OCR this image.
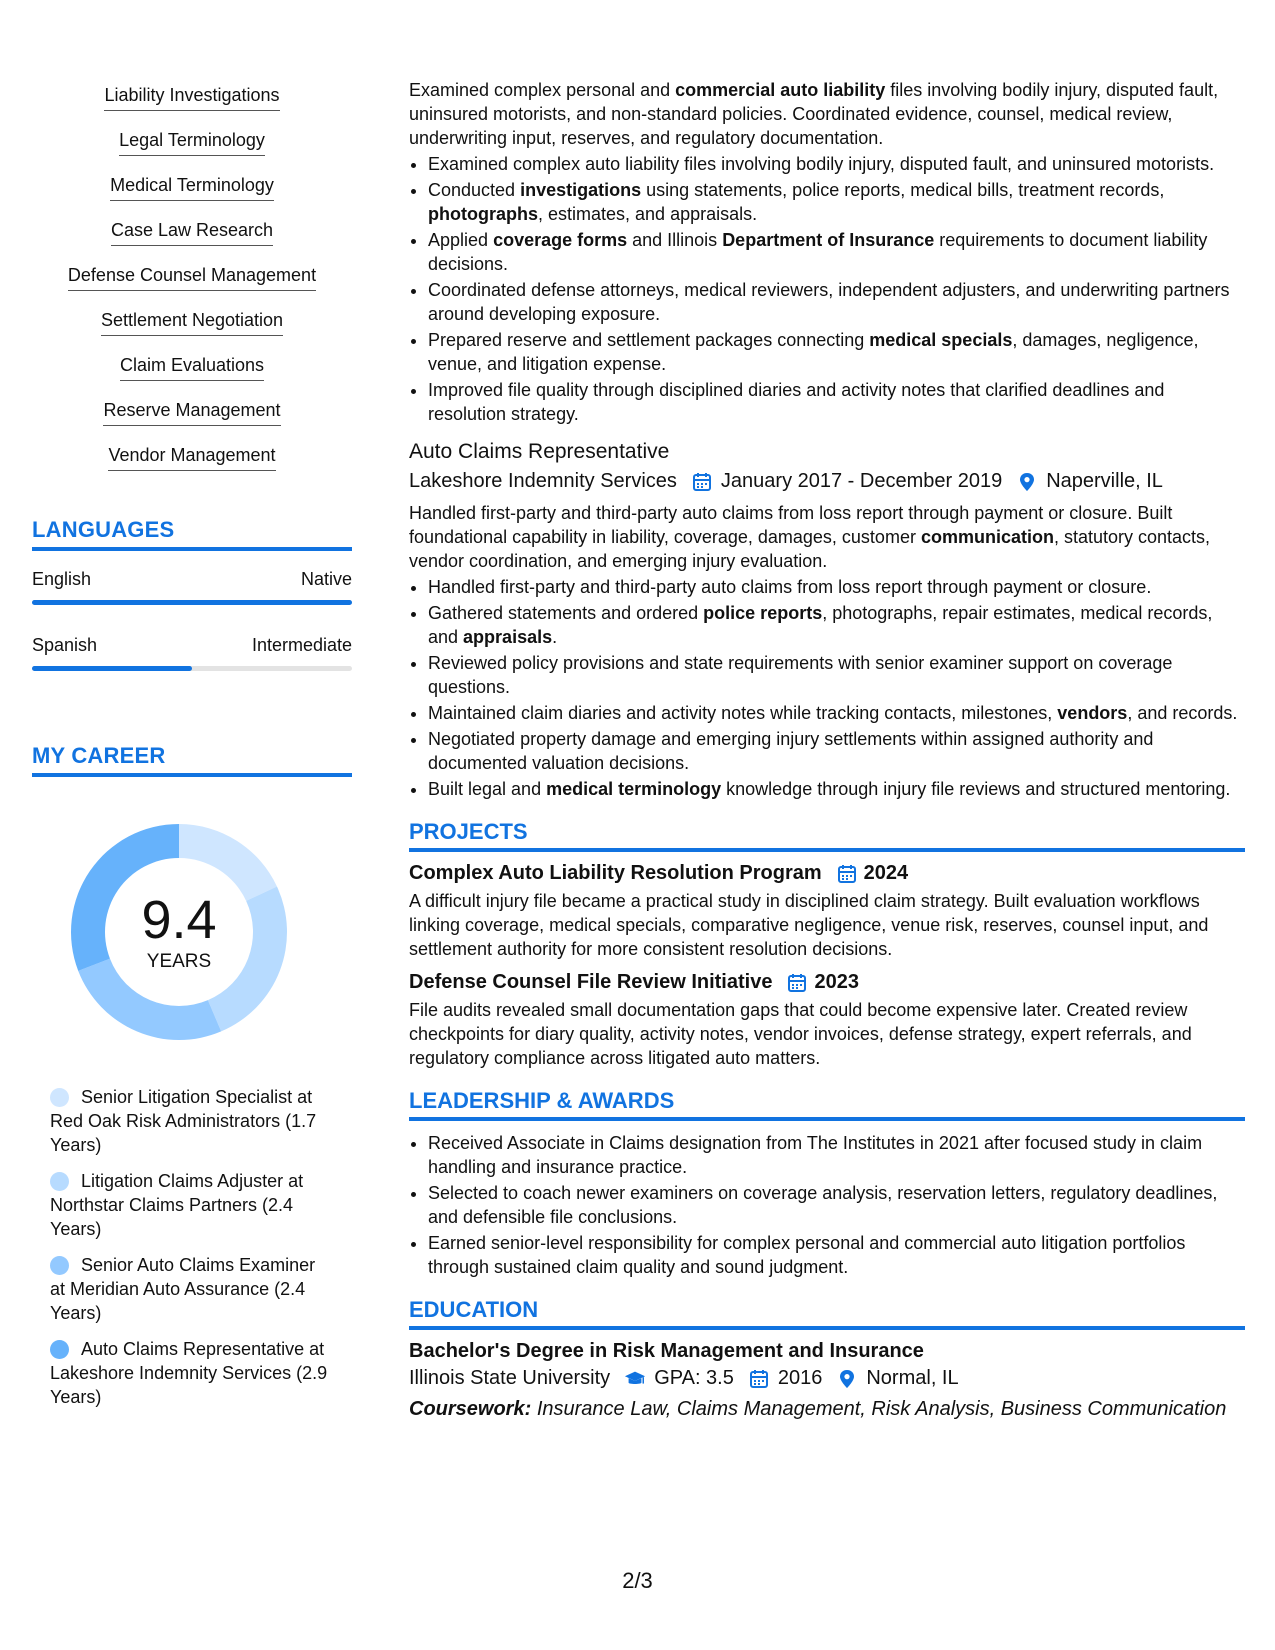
Liability Investigations
Legal Terminology
Medical Terminology
Case Law Research
Defense Counsel Management
Settlement Negotiation
Claim Evaluations
Reserve Management
Vendor Management
LANGUAGES
English	Native
Spanish	Intermediate
MY CAREER
9.4
YEARS
Senior Litigation Specialist at Red Oak Risk Administrators (1.7 Years)
Litigation Claims Adjuster at Northstar Claims Partners (2.4 Years)
Senior Auto Claims Examiner at Meridian Auto Assurance (2.4 Years)
Auto Claims Representative at Lakeshore Indemnity Services (2.9 Years)

Examined complex personal and commercial auto liability files involving bodily injury, disputed fault, uninsured motorists, and non-standard policies. Coordinated evidence, counsel, medical review, underwriting input, reserves, and regulatory documentation.

• Examined complex auto liability files involving bodily injury, disputed fault, and uninsured motorists.
• Conducted investigations using statements, police reports, medical bills, treatment records, photographs, estimates, and appraisals.
• Applied coverage forms and Illinois Department of Insurance requirements to document liability decisions.
• Coordinated defense attorneys, medical reviewers, independent adjusters, and underwriting partners around developing exposure.
• Prepared reserve and settlement packages connecting medical specials, damages, negligence, venue, and litigation expense.
• Improved file quality through disciplined diaries and activity notes that clarified deadlines and resolution strategy.
Auto Claims Representative
Lakeshore Indemnity Services January 2017 - December 2019 Naperville, IL

Handled first-party and third-party auto claims from loss report through payment or closure. Built foundational capability in liability, coverage, damages, customer communication, statutory contacts, vendor coordination, and emerging injury evaluation.

• Handled first-party and third-party auto claims from loss report through payment or closure.
• Gathered statements and ordered police reports, photographs, repair estimates, medical records, and appraisals.
• Reviewed policy provisions and state requirements with senior examiner support on coverage questions.
• Maintained claim diaries and activity notes while tracking contacts, milestones, vendors, and records.
• Negotiated property damage and emerging injury settlements within assigned authority and documented valuation decisions.
• Built legal and medical terminology knowledge through injury file reviews and structured mentoring.
PROJECTS
Complex Auto Liability Resolution Program 2024

A difficult injury file became a practical study in disciplined claim strategy. Built evaluation workflows linking coverage, medical specials, comparative negligence, venue risk, reserves, counsel input, and settlement authority for more consistent resolution decisions.

Defense Counsel File Review Initiative 2023

File audits revealed small documentation gaps that could become expensive later. Created review checkpoints for diary quality, activity notes, vendor invoices, defense strategy, expert referrals, and regulatory compliance across litigated auto matters.

LEADERSHIP & AWARDS
• Received Associate in Claims designation from The Institutes in 2021 after focused study in claim handling and insurance practice.
• Selected to coach newer examiners on coverage analysis, reservation letters, regulatory deadlines, and defensible file conclusions.
• Earned senior-level responsibility for complex personal and commercial auto litigation portfolios through sustained claim quality and sound judgment.
EDUCATION
Bachelor's Degree in Risk Management and Insurance
Illinois State University GPA: 3.5 2016 Normal, IL
Coursework: Insurance Law, Claims Management, Risk Analysis, Business Communication
2/3
